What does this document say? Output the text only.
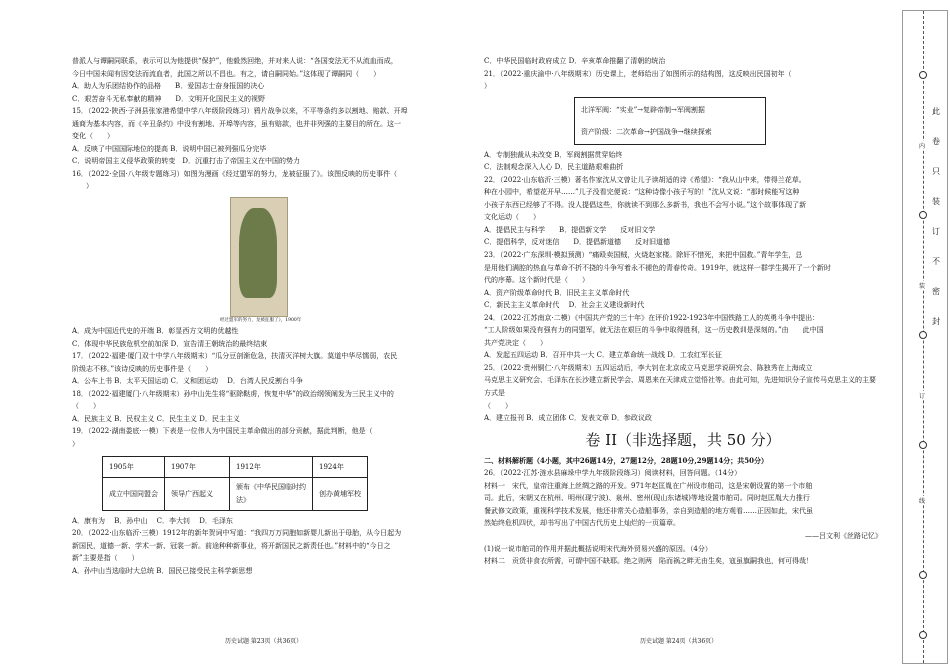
普派人与谭嗣同联系，表示可以为他提供“保护”，他毅然回绝，并对来人说：“各国变法无不从流血而成，

今日中国未闻有因变法而流血者，此国之所以不昌也。有之，请自嗣同始。”这体现了谭嗣同（　　）

A．助人为乐团结协作的品格　　B．爱国志士奋身报国的决心

C．艰苦奋斗无私奉献的精神　　D．文明开化国民主义的视野

15．（2022·陕西·子洲县张家港希望中学八年级阶段练习）鸦片战争以来，不平等条约多以割地、赔款、开埠

通商为基本内容，而《辛丑条约》中没有割地、开埠等内容，虽有赔款，也并非列强的主要目的所在。这一

变化（　　）

A．反映了中国国际地位的提高 B．说明中国已被列强瓜分完毕

C．说明帝国主义侵华政策的转变　D．沉重打击了帝国主义在中国的势力

16．（2022·全国·八年级专题练习）如图为漫画《经过盟军的努力，龙被征服了》。该图反映的历史事件（

　　）

经过盟军的努力，龙被征服了》，1900年

A．成为中国近代史的开端 B．彰显西方文明的优越性

C．体现中华民族危机空前加深 D．宣告清王朝统治的最终结束

17．（2022·福建·厦门双十中学八年级期末）“瓜分豆剖渐危急，扶清灭洋树大旗。莫道中华尽懦弱，农民

阶级志不移。”该诗反映的历史事件是（　　）

A．公车上书 B．太平天国运动 C．义和团运动　 D．台湾人民反割台斗争

18．（2022·福建厦门·八年级期末）孙中山先生将“驱除鞑虏，恢复中华”的政治纲领阐发为三民主义中的

（　　）

A．民族主义 B．民权主义 C．民生主义 D．民主主义

19．（2022·湖南娄底·一模）下表是一位伟人为中国民主革命做出的部分贡献，据此判断，他是（

）

1905年	1907年	1912年	1924年
成立中国同盟会	领导广西起义	颁布《中华民国临时约法》	创办黄埔军校

A．康有为　 B．孙中山　 C．李大钊　 D．毛泽东

20．（2022·山东临沂·三模）1912年的新年贺词中写道：“我四万万同胞如新婴儿新出于母胎，从今日起为

新国民，道德一新、学术一新、冠裳一新。前途种种新事业，将开新国民之新责任也。”材料中的“今日之

新”主要是指（　　）

A．孙中山当选临时大总统 B．国民已接受民主科学新思想

C．中华民国临时政府成立 D．辛亥革命推翻了清朝的统治

21．（2022·重庆渝中·八年级期末）历史课上，老师给出了如图所示的结构图，这反映出民国初年（

）

北洋军阀：“实业”→复辟帝制→军阀割据
资产阶级：二次革命→护国战争→继续探索

A．专制独裁从未改变 B．军阀割据贯穿始终

C．法制观念深入人心 D．民主道路艰难曲折

22．（2022·山东临沂·三模）著名作家沈从文曾让儿子读胡适的诗《希望》：“我从山中来，带得兰花草。

种在小园中，希望花开早……”儿子没看完便说：“这种诗像小孩子写的！”沈从文说：“那时候能写这种

小孩子东西已经够了不得。没人提倡这些，你就读不到那么多新书，我也不会写小说。”这个故事体现了新

文化运动（　　）

A．提倡民主与科学　　B．提倡新文学　　反对旧文学

C．提倡科学，反对迷信　　D．提倡新道德　　反对旧道德

23．（2022·广东深圳·模拟预测）“痛殴卖国贼，火烧赵家楼。除奸不惜死，来把中国救。”青年学生，总

是用他们满腔的热血与革命不折不挠的斗争写着永不褪色的青春传奇。1919年，就这样一群学生揭开了一个新时

代的序幕。这个新时代是（　　）

A．资产阶级革命时代 B．旧民主主义革命时代

C．新民主主义革命时代　 D．社会主义建设新时代

24．（2022·江苏南京·二模）《中国共产党的三十年》在评价1922-1923年中国铁路工人的英勇斗争中提出：

“工人阶级如果没有强有力的同盟军，就无法在艰巨的斗争中取得胜利，这一历史教训是深刻的。”由　　此中国

共产党决定（　　）

A．发起五四运动 B．召开中共一大 C．建立革命统一战线 D．工农红军长征

25．（2022·贵州铜仁·八年级期末）五四运动后，李大钊在北京成立马克思学说研究会、陈独秀在上海成立

马克思主义研究会、毛泽东在长沙建立新民学会、周恩来在天津成立觉悟社等。由此可知，先进知识分子宣传马克思主义的主要方式是

（　　）

A．建立报刊 B．成立团体 C．发表文章 D．参政议政

卷 II（非选择题，共 50 分）

二、材料解析题（4小题，其中26题14分，27题12分，28题10分,29题14分；共50分）

26．（2022·江苏·涟水县麻垛中学九年级阶段练习）阅读材料，回答问题。（14分）

材料一　宋代，皇帝注重海上丝绸之路的开发。971年赵匡胤在广州设市舶司，这是宋朝设置的第一个市舶

司。此后，宋朝又在杭州、明州(现宁波)、泉州、密州(现山东诸城)等地设置市舶司。同时赵匡胤大力推行

餐武修文政策，重视科学技术发展，他还非常关心造船事务，亲自到造船的地方观看……正因如此，宋代虽

然始终危机四伏，却书写出了中国古代历史上灿烂的一页篇章。

——吕文利《丝路记忆》

(1)说一说市舶司的作用并据此概括说明宋代海外贸易兴盛的原因。（4分）

材料二　贡货非食衣所需，可谓中国不缺耶。绝之则两　陷而祸之畔无由生矣，寇虽旗嗣我也，何可得哉！

历史试题 第23页（共36页）	历史试题 第24页（共36页）
此
卷
只
装
订
不
密
封
内
装
订
线
